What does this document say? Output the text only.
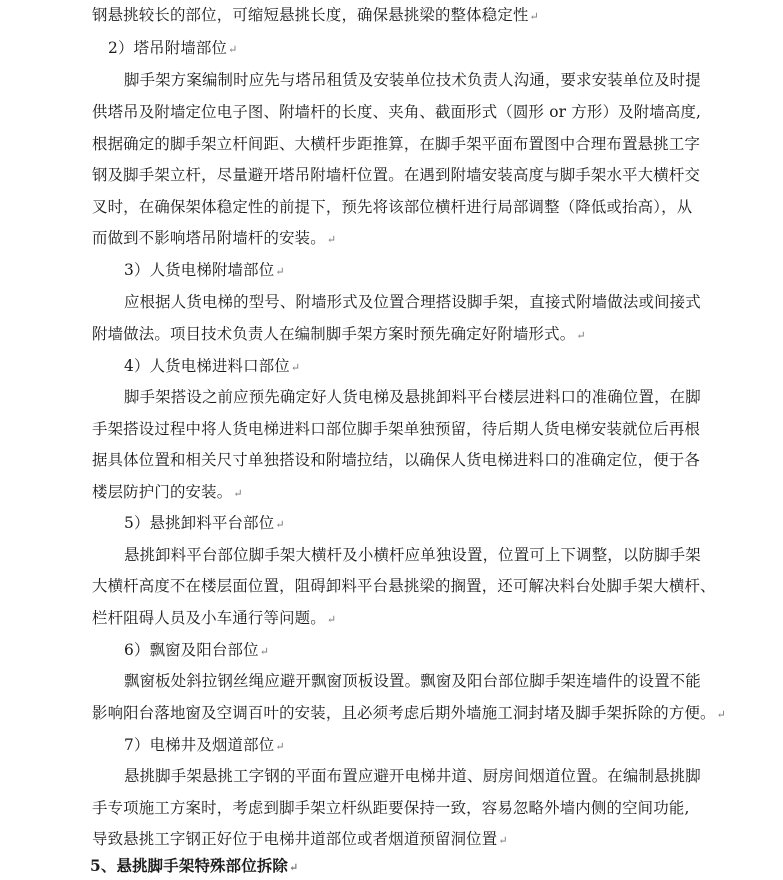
钢悬挑较长的部位，可缩短悬挑长度，确保悬挑梁的整体稳定性↵
2）塔吊附墙部位↵
脚手架方案编制时应先与塔吊租赁及安装单位技术负责人沟通，要求安装单位及时提
供塔吊及附墙定位电子图、附墙杆的长度、夹角、截面形式（圆形 or 方形）及附墙高度,
根据确定的脚手架立杆间距、大横杆步距推算，在脚手架平面布置图中合理布置悬挑工字
钢及脚手架立杆，尽量避开塔吊附墙杆位置。在遇到附墙安装高度与脚手架水平大横杆交
叉时，在确保架体稳定性的前提下，预先将该部位横杆进行局部调整（降低或抬高），从
而做到不影响塔吊附墙杆的安装。↵
3）人货电梯附墙部位↵
应根据人货电梯的型号、附墙形式及位置合理搭设脚手架，直接式附墙做法或间接式
附墙做法。项目技术负责人在编制脚手架方案时预先确定好附墙形式。↵
4）人货电梯进料口部位↵
脚手架搭设之前应预先确定好人货电梯及悬挑卸料平台楼层进料口的准确位置，在脚
手架搭设过程中将人货电梯进料口部位脚手架单独预留，待后期人货电梯安装就位后再根
据具体位置和相关尺寸单独搭设和附墙拉结，以确保人货电梯进料口的准确定位，便于各
楼层防护门的安装。↵
5）悬挑卸料平台部位↵
悬挑卸料平台部位脚手架大横杆及小横杆应单独设置，位置可上下调整，以防脚手架
大横杆高度不在楼层面位置，阻碍卸料平台悬挑梁的搁置，还可解决料台处脚手架大横杆、
栏杆阻碍人员及小车通行等问题。↵
6）飘窗及阳台部位↵
飘窗板处斜拉钢丝绳应避开飘窗顶板设置。飘窗及阳台部位脚手架连墙件的设置不能
影响阳台落地窗及空调百叶的安装，且必须考虑后期外墙施工洞封堵及脚手架拆除的方便。↵
7）电梯井及烟道部位↵
悬挑脚手架悬挑工字钢的平面布置应避开电梯井道、厨房间烟道位置。在编制悬挑脚
手专项施工方案时，考虑到脚手架立杆纵距要保持一致，容易忽略外墙内侧的空间功能,
导致悬挑工字钢正好位于电梯井道部位或者烟道预留洞位置↵
5、悬挑脚手架特殊部位拆除↵
